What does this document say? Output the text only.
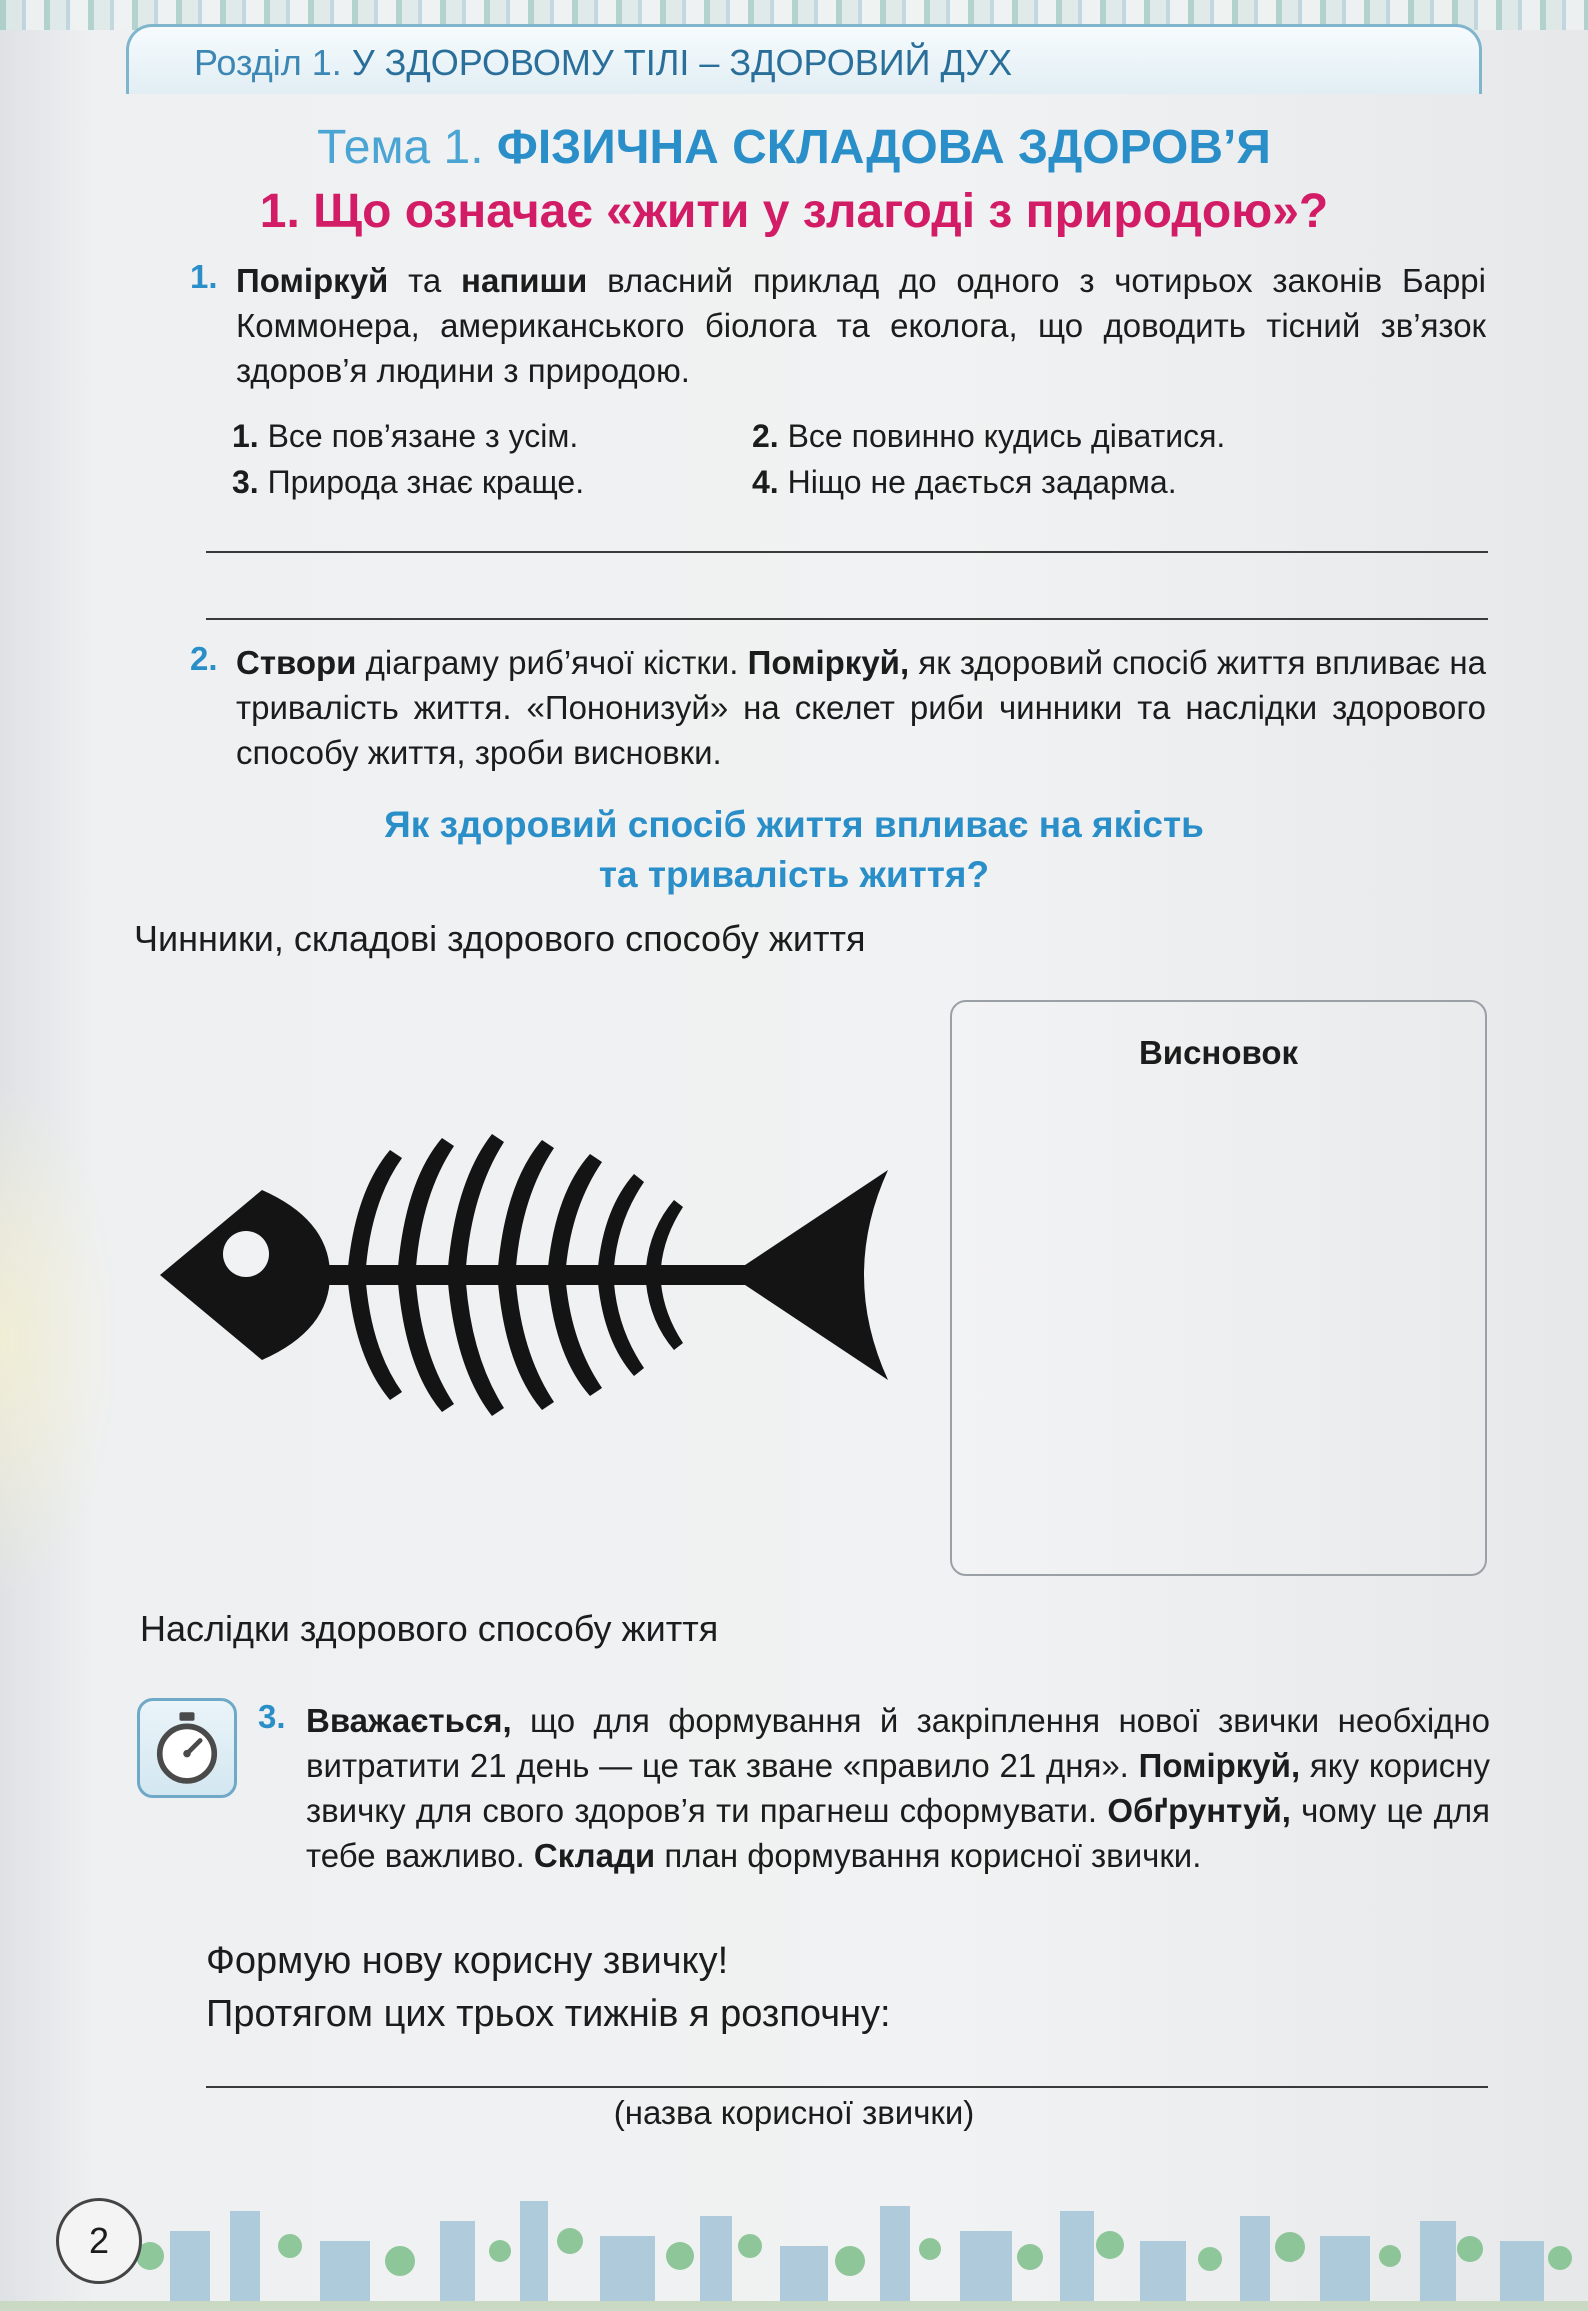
Розділ 1. У ЗДОРОВОМУ ТІЛІ – ЗДОРОВИЙ ДУХ
Тема 1. ФІЗИЧНА СКЛАДОВА ЗДОРОВ’Я
1. Що означає «жити у злагоді з природою»?
1. Поміркуй та напиши власний приклад до одного з чотирьох законів Баррі Коммонера, американського біолога та еколога, що доводить тісний зв’язок здоров’я людини з природою.
1. Все пов’язане з усім.	2. Все повинно кудись діватися.
3. Природа знає краще.	4. Ніщо не дається задарма.
2. Створи діаграму риб’ячої кістки. Поміркуй, як здоровий спосіб життя впливає на тривалість життя. «Пононизуй» на скелет риби чинники та наслідки здорового способу життя, зроби висновки.
Як здоровий спосіб життя впливає на якість
та тривалість життя?
Чинники, складові здорового способу життя
Висновок
Наслідки здорового способу життя
3. Вважається, що для формування й закріплення нової звички необхідно витратити 21 день — це так зване «правило 21 дня». Поміркуй, яку корисну звичку для свого здоров’я ти прагнеш сформувати. Обґрунтуй, чому це для тебе важливо. Склади план формування корисної звички.
Формую нову корисну звичку!
Протягом цих трьох тижнів я розпочну:
(назва корисної звички)
2
